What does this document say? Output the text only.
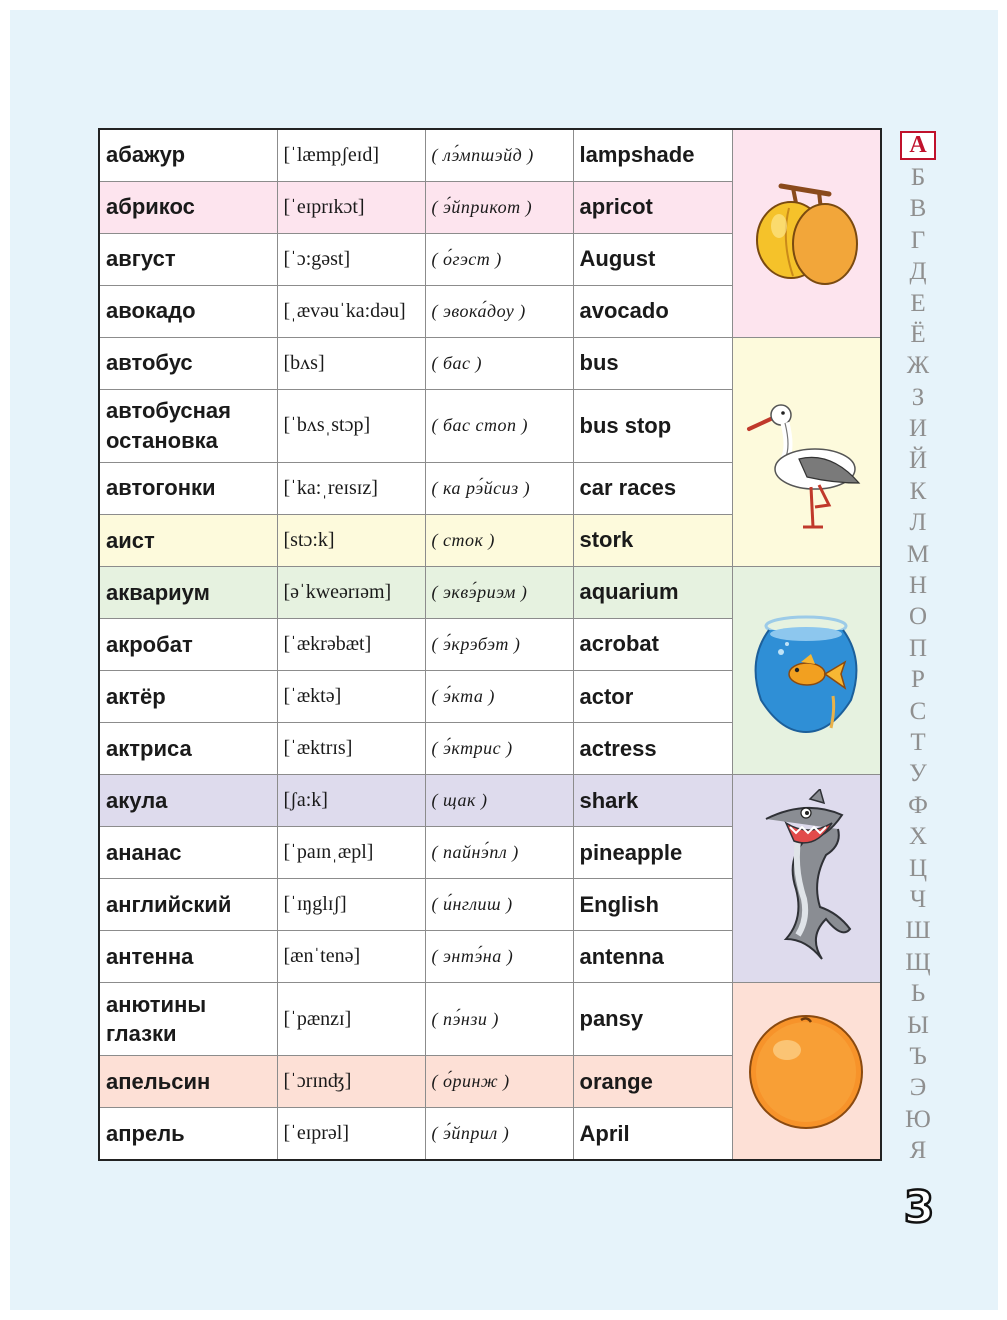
абажур	[ˈlæmpʃeɪd]	( лэ́мпшэйд )	lampshade	

абрикос	[ˈeɪprɪkɔt]	( э́йприкот )	apricot	
август	[ˈɔ:gəst]	( о́гэст )	August	
авокадо	[ˌævəuˈka:dəu]	( эвока́доу )	avocado	
автобус	[bʌs]	( бас )	bus	

автобусная остановка	[ˈbʌsˌstɔp]	( бас стоп )	bus stop	
автогонки	[ˈka:ˌreɪsɪz]	( ка рэ́йсиз )	car races	
аист	[stɔ:k]	( сток )	stork	
аквариум	[əˈkweərɪəm]	( эквэ́риэм )	aquarium	

акробат	[ˈækrəbæt]	( э́крэбэт )	acrobat	
актёр	[ˈæktə]	( э́кта )	actor	
актриса	[ˈæktrɪs]	( э́ктрис )	actress	
акула	[ʃa:k]	( щак )	shark	

ананас	[ˈpaɪnˌæpl]	( пайнэ́пл )	pineapple	
английский	[ˈɪŋglɪʃ]	( и́нглиш )	English	
антенна	[ænˈtenə]	( энтэ́на )	antenna	
анютины глазки	[ˈpænzɪ]	( пэ́нзи )	pansy	

апельсин	[ˈɔrɪnʤ]	( о́ринж )	orange	
апрель	[ˈeɪprəl]	( э́йприл )	April	
А
Б
В
Г
Д
Е
Ё
Ж
З
И
Й
К
Л
М
Н
О
П
Р
С
Т
У
Ф
Х
Ц
Ч
Ш
Щ
Ь
Ы
Ъ
Э
Ю
Я
3
